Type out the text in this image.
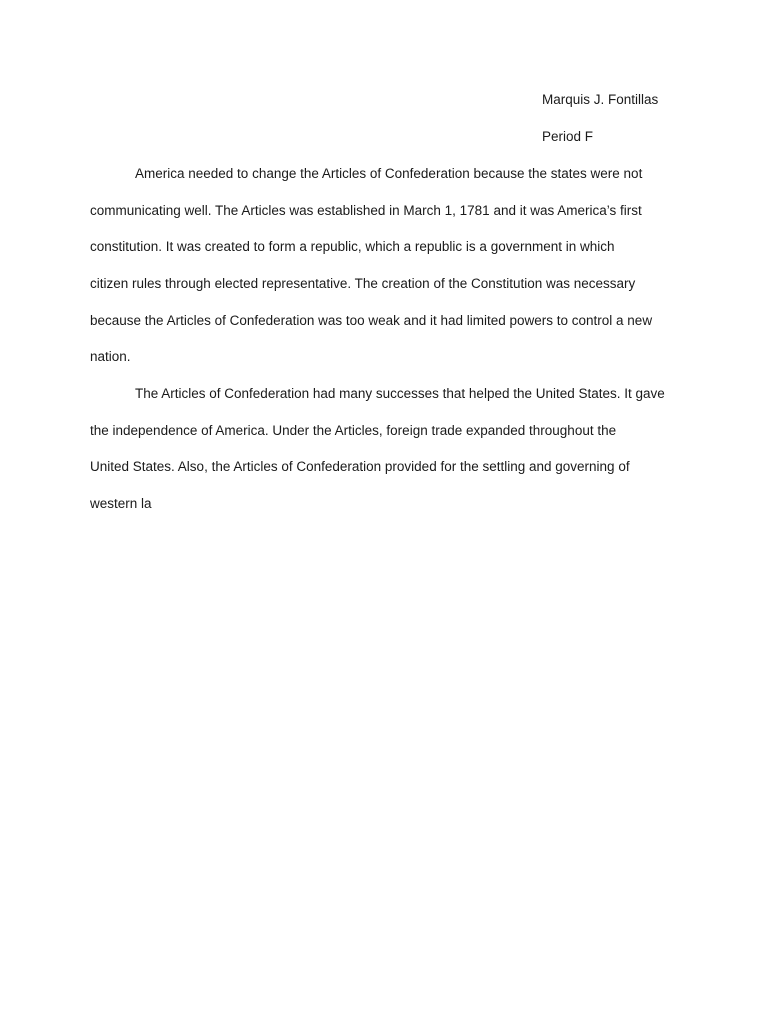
Marquis J. Fontillas
Period F
America needed to change the Articles of Confederation because the states were not
communicating well. The Articles was established in March 1, 1781 and it was America’s first
constitution. It was created to form a republic, which a republic is a government in which
citizen rules through elected representative. The creation of the Constitution was necessary
because the Articles of Confederation was too weak and it had limited powers to control a new
nation.
The Articles of Confederation had many successes that helped the United States. It gave
the independence of America. Under the Articles, foreign trade expanded throughout the
United States. Also, the Articles of Confederation provided for the settling and governing of
western la
